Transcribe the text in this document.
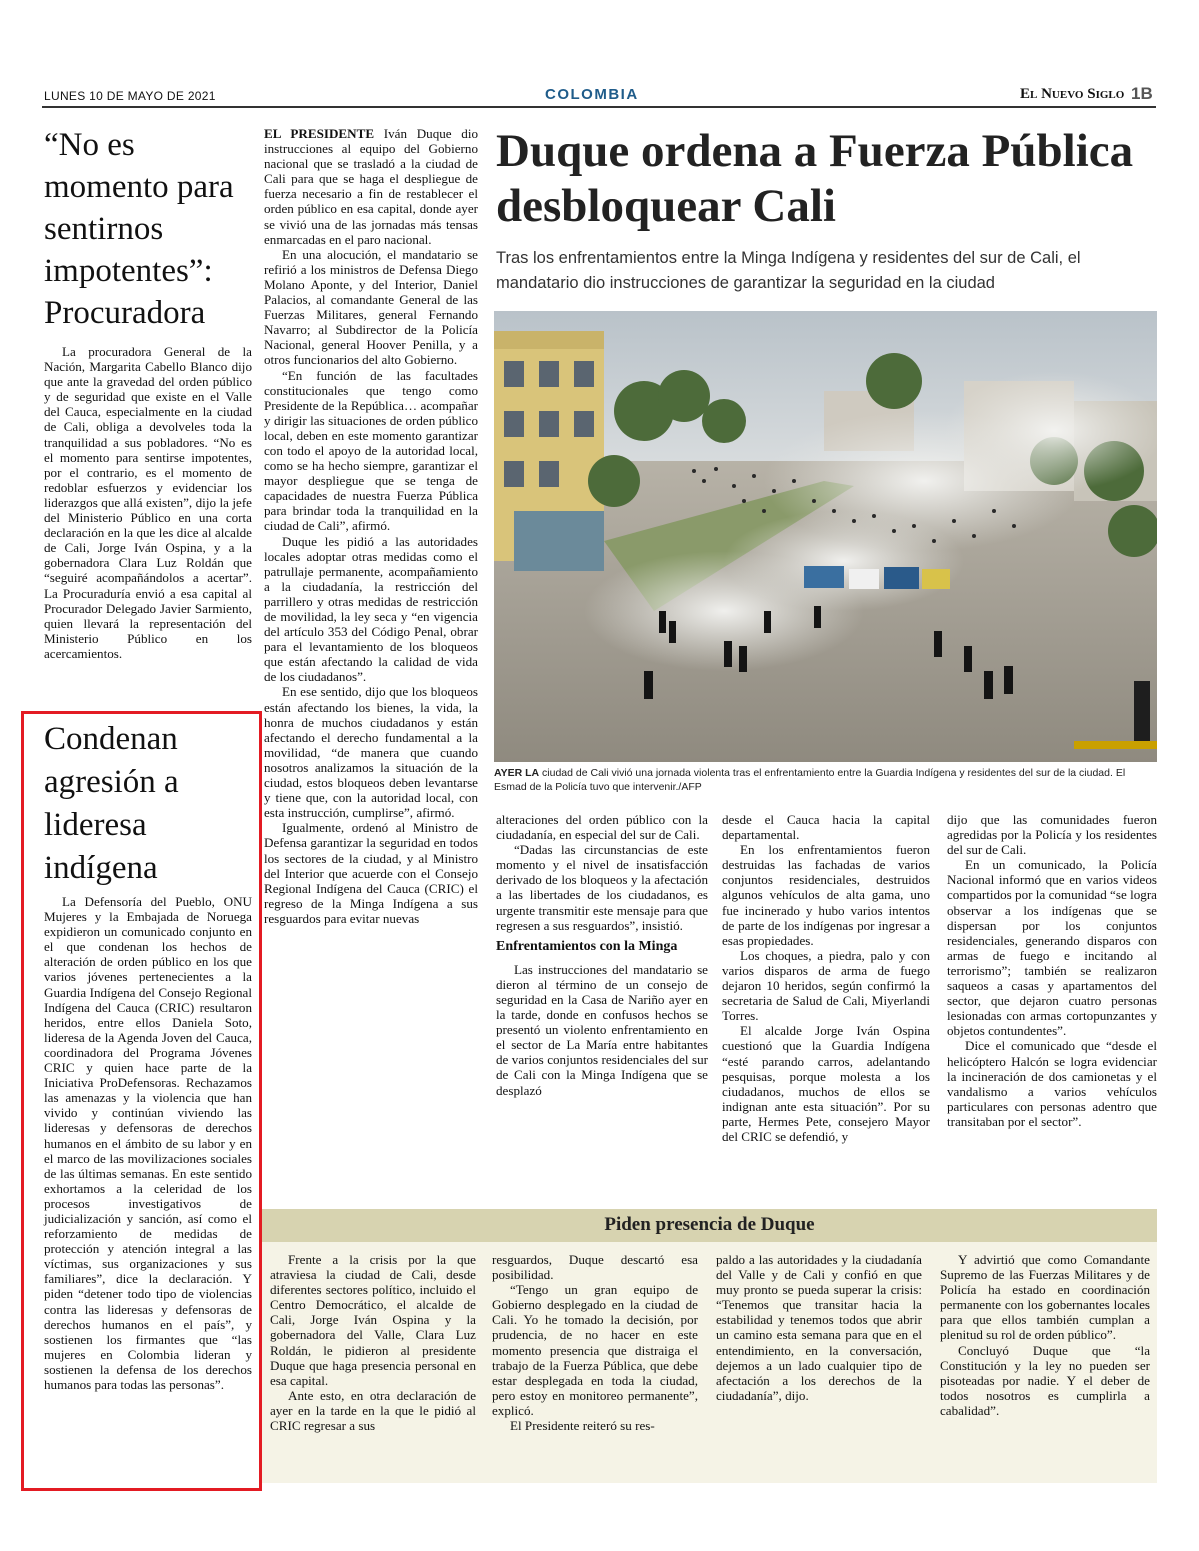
LUNES 10 DE MAYO DE 2021	COLOMBIA	El Nuevo Siglo 1B
“No es momento para sentirnos impotentes”: Procuradora

La procuradora General de la Nación, Margarita Cabello Blanco dijo que ante la gravedad del orden público y de seguridad que existe en el Valle del Cauca, especialmente en la ciudad de Cali, obliga a devolveles toda la tranquilidad a sus pobladores. “No es el momento para sentirse impotentes, por el contrario, es el momento de redoblar esfuerzos y evidenciar los liderazgos que allá existen”, dijo la jefe del Ministerio Público en una corta declaración en la que les dice al alcalde de Cali, Jorge Iván Ospina, y a la gobernadora Clara Luz Roldán que “seguiré acompañándolos a acertar”. La Procuraduría envió a esa capital al Procurador Delegado Javier Sarmiento, quien llevará la representación del Ministerio Público en los acercamientos.

Condenan agresión a lideresa indígena

La Defensoría del Pueblo, ONU Mujeres y la Embajada de Noruega expidieron un comunicado conjunto en el que condenan los hechos de alteración de orden público en los que varios jóvenes pertenecientes a la Guardia Indígena del Consejo Regional Indígena del Cauca (CRIC) resultaron heridos, entre ellos Daniela Soto, lideresa de la Agenda Joven del Cauca, coordinadora del Programa Jóvenes CRIC y quien hace parte de la Iniciativa ProDefensoras. Rechazamos las amenazas y la violencia que han vivido y continúan viviendo las lideresas y defensoras de derechos humanos en el ámbito de su labor y en el marco de las movilizaciones sociales de las últimas semanas. En este sentido exhortamos a la celeridad de los procesos investigativos de judicialización y sanción, así como el reforzamiento de medidas de protección y atención integral a las víctimas, sus organizaciones y sus familiares”, dice la declaración. Y piden “detener todo tipo de violencias contra las lideresas y defensoras de derechos humanos en el país”, y sostienen los firmantes que “las mujeres en Colombia lideran y sostienen la defensa de los derechos humanos para todas las personas”.

EL PRESIDENTE Iván Duque dio instrucciones al equipo del Gobierno nacional que se trasladó a la ciudad de Cali para que se haga el despliegue de fuerza necesario a fin de restablecer el orden público en esa capital, donde ayer se vivió una de las jornadas más tensas enmarcadas en el paro nacional.

En una alocución, el mandatario se refirió a los ministros de Defensa Diego Molano Aponte, y del Interior, Daniel Palacios, al comandante General de las Fuerzas Militares, general Fernando Navarro; al Subdirector de la Policía Nacional, general Hoover Penilla, y a otros funcionarios del alto Gobierno.

“En función de las facultades constitucionales que tengo como Presidente de la República… acompañar y dirigir las situaciones de orden público local, deben en este momento garantizar con todo el apoyo de la autoridad local, como se ha hecho siempre, garantizar el mayor despliegue que se tenga de capacidades de nuestra Fuerza Pública para brindar toda la tranquilidad en la ciudad de Cali”, afirmó.

Duque les pidió a las autoridades locales adoptar otras medidas como el patrullaje permanente, acompañamiento a la ciudadanía, la restricción del parrillero y otras medidas de restricción de movilidad, la ley seca y “en vigencia del artículo 353 del Código Penal, obrar para el levantamiento de los bloqueos que están afectando la calidad de vida de los ciudadanos”.

En ese sentido, dijo que los bloqueos están afectando los bienes, la vida, la honra de muchos ciudadanos y están afectando el derecho fundamental a la movilidad, “de manera que cuando nosotros analizamos la situación de la ciudad, estos bloqueos deben levantarse y tiene que, con la autoridad local, con esta instrucción, cumplirse”, afirmó.

Igualmente, ordenó al Ministro de Defensa garantizar la seguridad en todos los sectores de la ciudad, y al Ministro del Interior que acuerde con el Consejo Regional Indígena del Cauca (CRIC) el regreso de la Minga Indígena a sus resguardos para evitar nuevas

Duque ordena a Fuerza Pública desbloquear Cali
Tras los enfrentamientos entre la Minga Indígena y residentes del sur de Cali, el mandatario dio instrucciones de garantizar la seguridad en la ciudad
AYER LA ciudad de Cali vivió una jornada violenta tras el enfrentamiento entre la Guardia Indígena y residentes del sur de la ciudad. El Esmad de la Policía tuvo que intervenir./AFP

alteraciones del orden público con la ciudadanía, en especial del sur de Cali.

“Dadas las circunstancias de este momento y el nivel de insatisfacción derivado de los bloqueos y la afectación a las libertades de los ciudadanos, es urgente transmitir este mensaje para que regresen a sus resguardos”, insistió.

Enfrentamientos con la Minga

Las instrucciones del mandatario se dieron al término de un consejo de seguridad en la Casa de Nariño ayer en la tarde, donde en confusos hechos se presentó un violento enfrentamiento en el sector de La María entre habitantes de varios conjuntos residenciales del sur de Cali con la Minga Indígena que se desplazó

desde el Cauca hacia la capital departamental.

En los enfrentamientos fueron destruidas las fachadas de varios conjuntos residenciales, destruidos algunos vehículos de alta gama, uno fue incinerado y hubo varios intentos de parte de los indígenas por ingresar a esas propiedades.

Los choques, a piedra, palo y con varios disparos de arma de fuego dejaron 10 heridos, según confirmó la secretaria de Salud de Cali, Miyerlandi Torres.

El alcalde Jorge Iván Ospina cuestionó que la Guardia Indígena “esté parando carros, adelantando pesquisas, porque molesta a los ciudadanos, muchos de ellos se indignan ante esta situación”. Por su parte, Hermes Pete, consejero Mayor del CRIC se defendió, y

dijo que las comunidades fueron agredidas por la Policía y los residentes del sur de Cali.

En un comunicado, la Policía Nacional informó que en varios videos compartidos por la comunidad “se logra observar a los indígenas que se dispersan por los conjuntos residenciales, generando disparos con armas de fuego e incitando al terrorismo”; también se realizaron saqueos a casas y apartamentos del sector, que dejaron cuatro personas lesionadas con armas cortopunzantes y objetos contundentes”.

Dice el comunicado que “desde el helicóptero Halcón se logra evidenciar la incineración de dos camionetas y el vandalismo a varios vehículos particulares con personas adentro que transitaban por el sector”.

Piden presencia de Duque

Frente a la crisis por la que atraviesa la ciudad de Cali, desde diferentes sectores político, incluido el Centro Democrático, el alcalde de Cali, Jorge Iván Ospina y la gobernadora del Valle, Clara Luz Roldán, le pidieron al presidente Duque que haga presencia personal en esa capital.

Ante esto, en otra declaración de ayer en la tarde en la que le pidió al CRIC regresar a sus

resguardos, Duque descartó esa posibilidad.

“Tengo un gran equipo de Gobierno desplegado en la ciudad de Cali. Yo he tomado la decisión, por prudencia, de no hacer en este momento presencia que distraiga el trabajo de la Fuerza Pública, que debe estar desplegada en toda la ciudad, pero estoy en monitoreo permanente”, explicó.

El Presidente reiteró su res-

paldo a las autoridades y la ciudadanía del Valle y de Cali y confió en que muy pronto se pueda superar la crisis: “Tenemos que transitar hacia la estabilidad y tenemos todos que abrir un camino esta semana para que en el entendimiento, en la conversación, dejemos a un lado cualquier tipo de afectación a los derechos de la ciudadanía”, dijo.

Y advirtió que como Comandante Supremo de las Fuerzas Militares y de Policía ha estado en coordinación permanente con los gobernantes locales para que ellos también cumplan a plenitud su rol de orden público”.

Concluyó Duque que “la Constitución y la ley no pueden ser pisoteadas por nadie. Y el deber de todos nosotros es cumplirla a cabalidad”.
